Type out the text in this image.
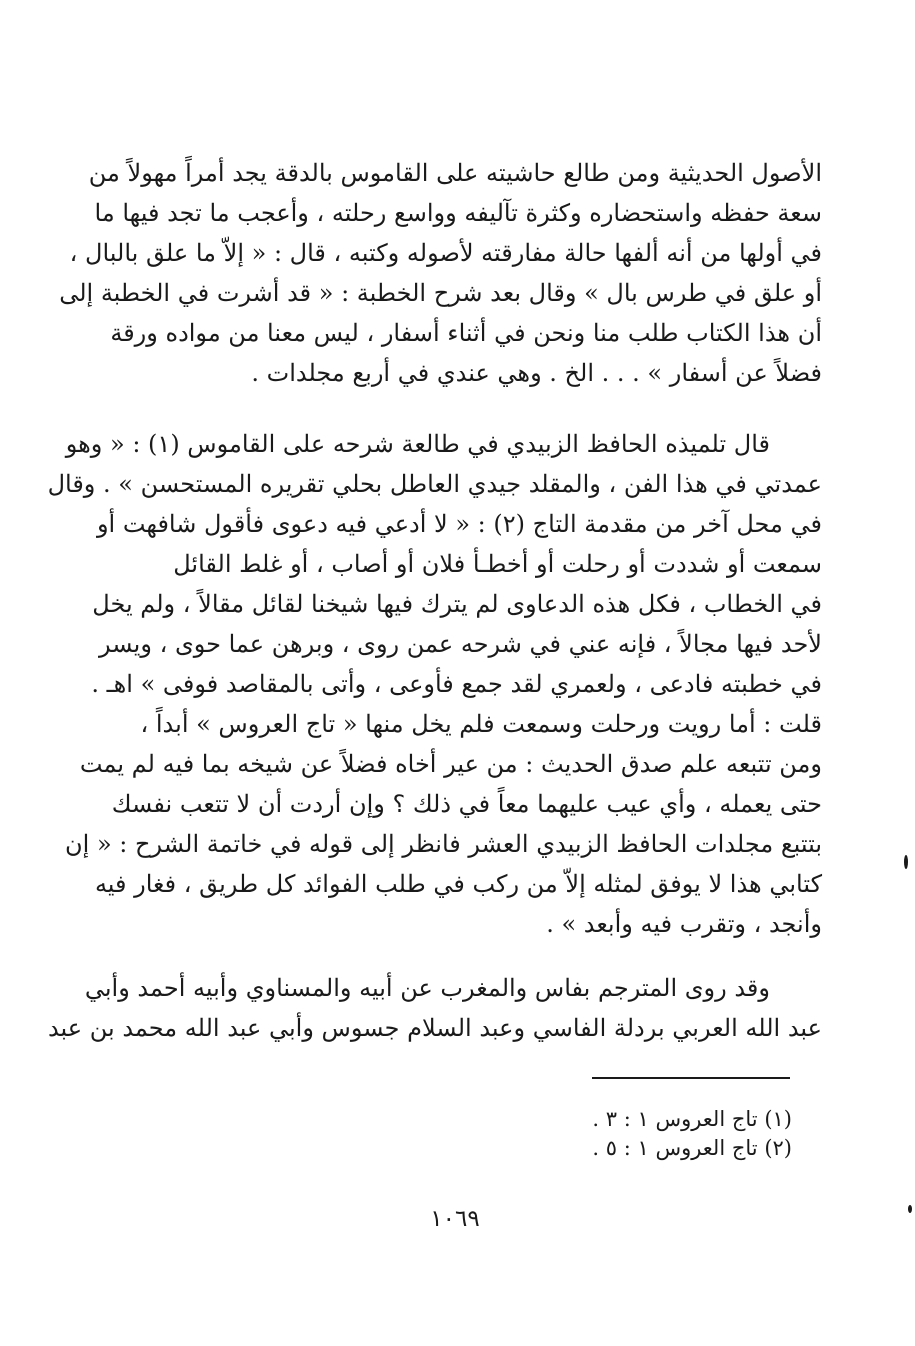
الأصول الحديثية ومن طالع حاشيته على القاموس بالدقة يجد أمراً مهولاً من
سعة حفظه واستحضاره وكثرة تآليفه وواسع رحلته ، وأعجب ما تجد فيها ما
في أولها من أنه ألفها حالة مفارقته لأصوله وكتبه ، قال : « إلاّ ما علق بالبال ،
أو علق في طرس بال » وقال بعد شرح الخطبة : « قد أشرت في الخطبة إلى
أن هذا الكتاب طلب منا ونحن في أثناء أسفار ، ليس معنا من مواده ورقة
فضلاً عن أسفار » . . . الخ . وهي عندي في أربع مجلدات .
قال تلميذه الحافظ الزبيدي في طالعة شرحه على القاموس (١) : « وهو
عمدتي في هذا الفن ، والمقلد جيدي العاطل بحلي تقريره المستحسن » . وقال
في محل آخر من مقدمة التاج (٢) : « لا أدعي فيه دعوى فأقول شافهت أو
سمعت أو شددت أو رحلت أو أخطـأ فلان أو أصاب ، أو غلط القائل
في الخطاب ، فكل هذه الدعاوى لم يترك فيها شيخنا لقائل مقالاً ، ولم يخل
لأحد فيها مجالاً ، فإنه عني في شرحه عمن روى ، وبرهن عما حوى ، ويسر
في خطبته فادعى ، ولعمري لقد جمع فأوعى ، وأتى بالمقاصد فوفى » اهـ .
قلت : أما رويت ورحلت وسمعت فلم يخل منها « تاج العروس » أبداً ،
ومن تتبعه علم صدق الحديث : من عير أخاه فضلاً عن شيخه بما فيه لم يمت
حتى يعمله ، وأي عيب عليهما معاً في ذلك ؟ وإن أردت أن لا تتعب نفسك
بتتبع مجلدات الحافظ الزبيدي العشر فانظر إلى قوله في خاتمة الشرح : « إن
كتابي هذا لا يوفق لمثله إلاّ من ركب في طلب الفوائد كل طريق ، فغار فيه
وأنجد ، وتقرب فيه وأبعد » .
وقد روى المترجم بفاس والمغرب عن أبيه والمسناوي وأبيه أحمد وأبي
عبد الله العربي بردلة الفاسي وعبد السلام جسوس وأبي عبد الله محمد بن عبد
(١) تاج العروس ١ : ٣ .
(٢) تاج العروس ١ : ٥ .
١٠٦٩
